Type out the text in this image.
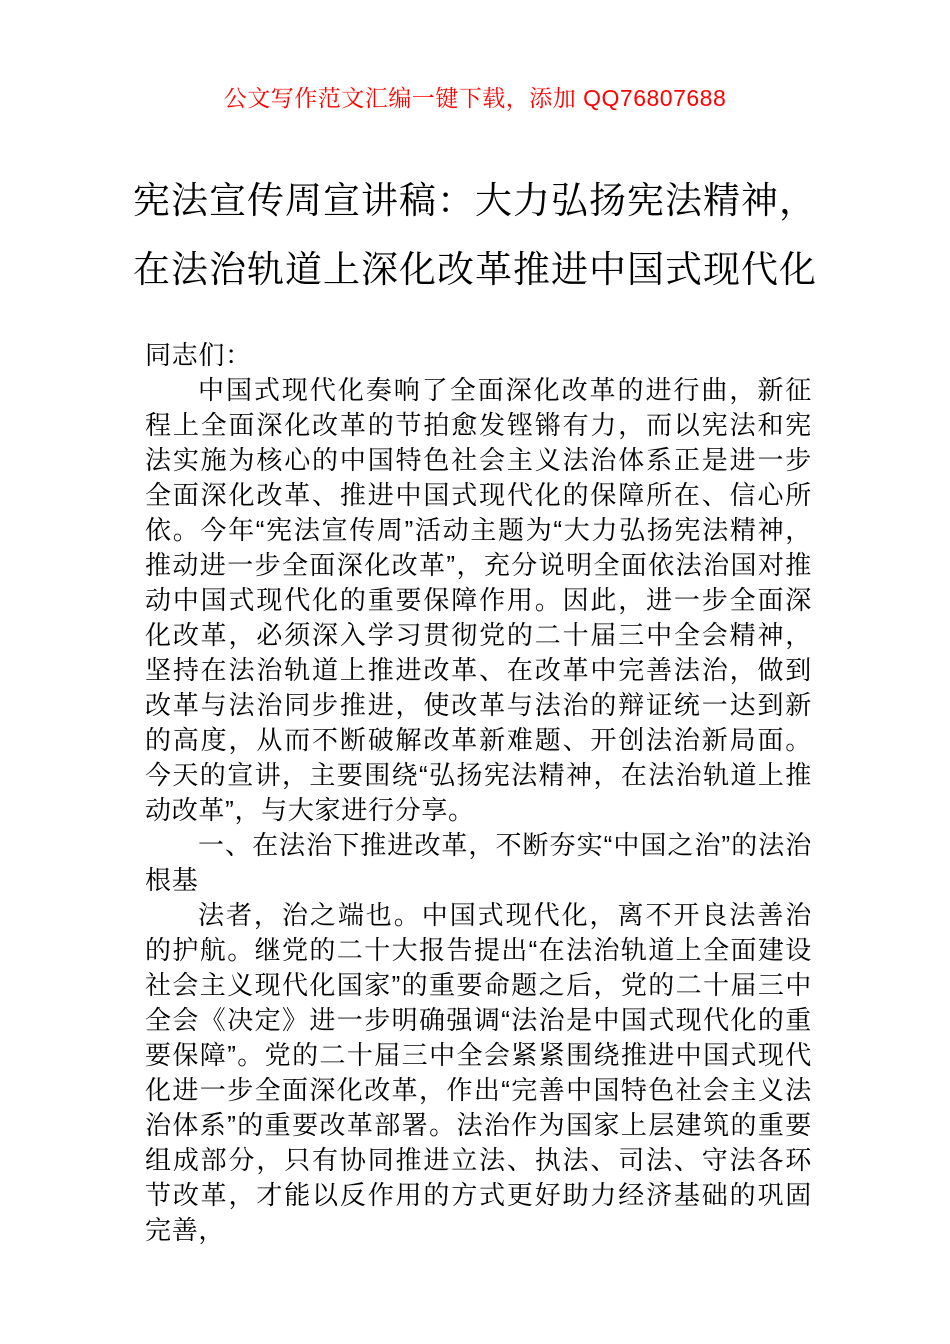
公文写作范文汇编一键下载，添加 QQ76807688
宪法宣传周宣讲稿：大力弘扬宪法精神，
在法治轨道上深化改革推进中国式现代化

同志们：

中国式现代化奏响了全面深化改革的进行曲，新征程上全面深化改革的节拍愈发铿锵有力，而以宪法和宪法实施为核心的中国特色社会主义法治体系正是进一步全面深化改革、推进中国式现代化的保障所在、信心所依。今年“宪法宣传周”活动主题为“大力弘扬宪法精神，推动进一步全面深化改革”，充分说明全面依法治国对推动中国式现代化的重要保障作用。因此，进一步全面深化改革，必须深入学习贯彻党的二十届三中全会精神，坚持在法治轨道上推进改革、在改革中完善法治，做到改革与法治同步推进，使改革与法治的辩证统一达到新的高度，从而不断破解改革新难题、开创法治新局面。今天的宣讲，主要围绕“弘扬宪法精神，在法治轨道上推动改革”，与大家进行分享。

一、在法治下推进改革，不断夯实“中国之治”的法治根基

法者，治之端也。中国式现代化，离不开良法善治的护航。继党的二十大报告提出“在法治轨道上全面建设社会主义现代化国家”的重要命题之后，党的二十届三中全会《决定》进一步明确强调“法治是中国式现代化的重要保障”。党的二十届三中全会紧紧围绕推进中国式现代化进一步全面深化改革，作出“完善中国特色社会主义法治体系”的重要改革部署。法治作为国家上层建筑的重要组成部分，只有协同推进立法、执法、司法、守法各环节改革，才能以反作用的方式更好助力经济基础的巩固完善，
